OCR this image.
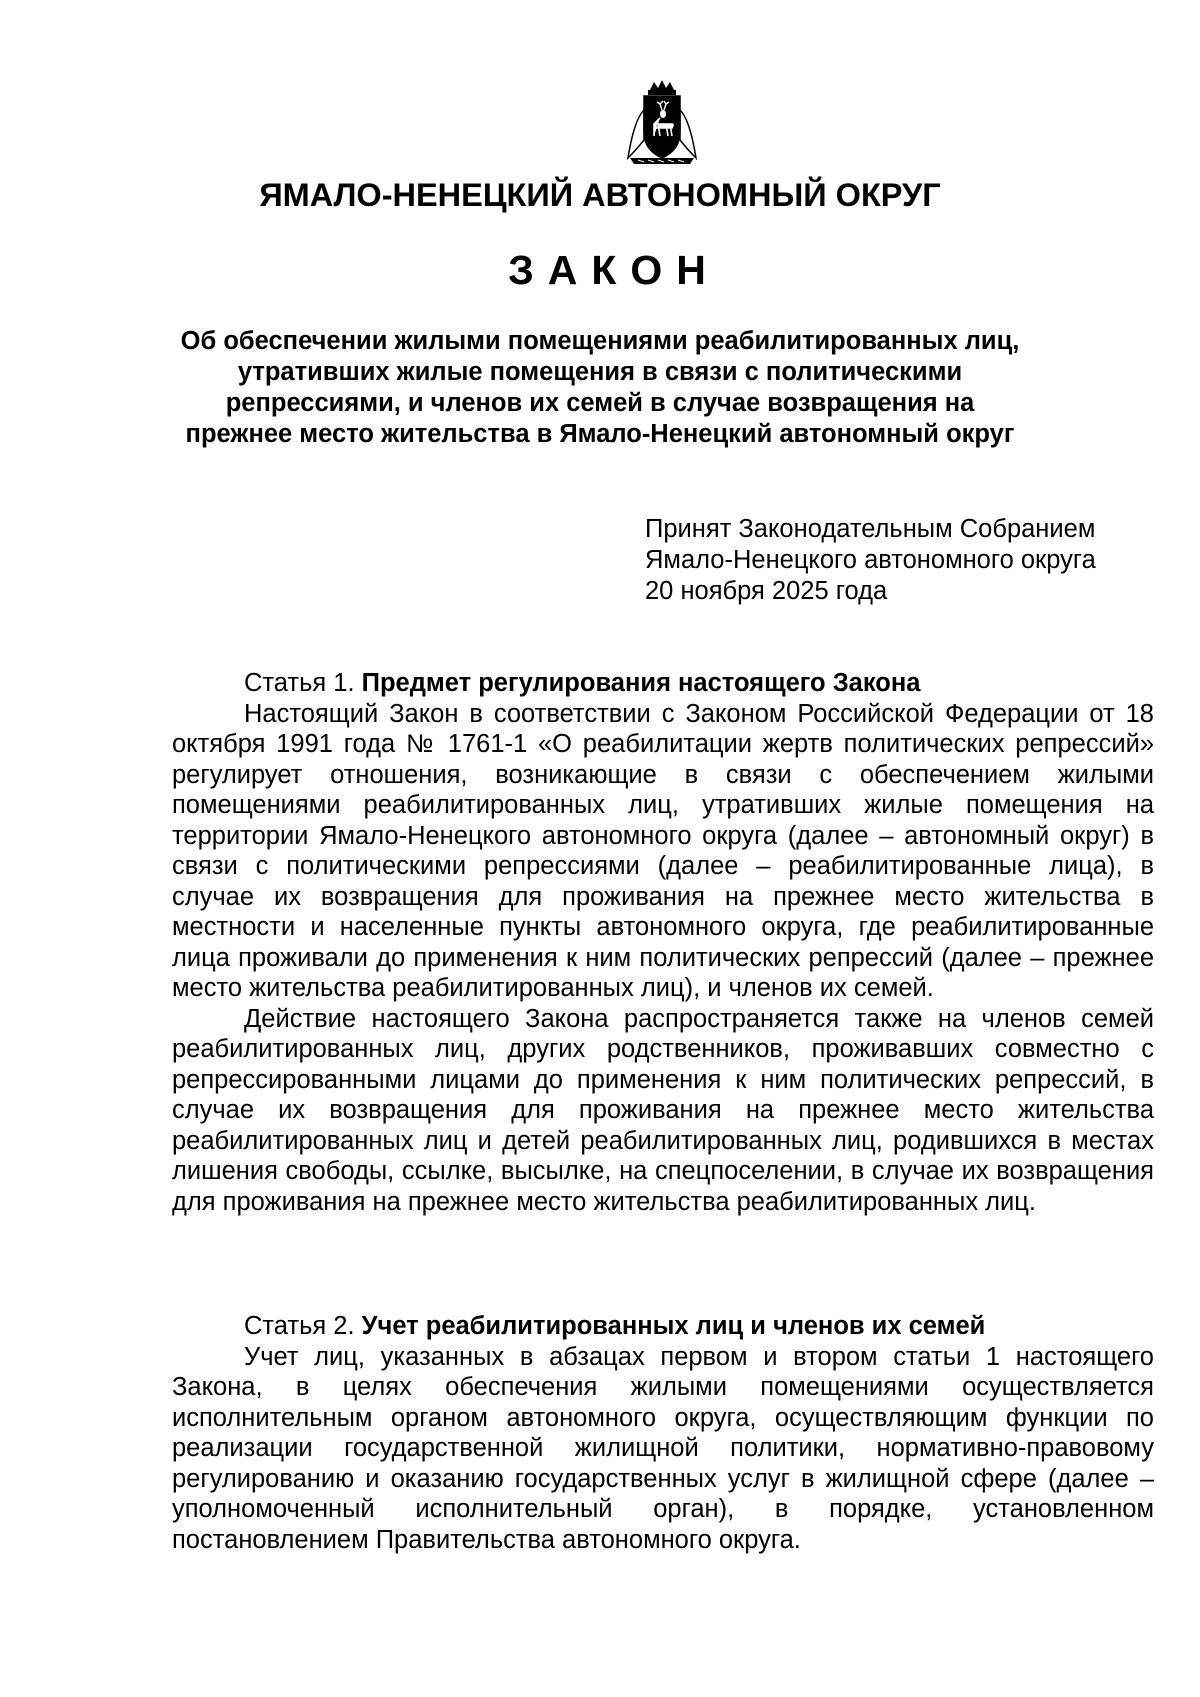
ЯМАЛО-НЕНЕЦКИЙ АВТОНОМНЫЙ ОКРУГ
ЗАКОН
Об обеспечении жилыми помещениями реабилитированных лиц, утративших жилые помещения в связи с политическими репрессиями, и членов их семей в случае возвращения на прежнее место жительства в Ямало-Ненецкий автономный округ
Принят Законодательным Собранием
Ямало-Ненецкого автономного округа
20 ноября 2025 года
Статья 1. Предмет регулирования настоящего Закона

Настоящий Закон в соответствии с Законом Российской Федерации от 18 октября 1991 года № 1761-1 «О реабилитации жертв политических репрессий» регулирует отношения, возникающие в связи с обеспечением жилыми помещениями реабилитированных лиц, утративших жилые помещения на территории Ямало-Ненецкого автономного округа (далее – автономный округ) в связи с политическими репрессиями (далее – реабилитированные лица), в случае их возвращения для проживания на прежнее место жительства в местности и населенные пункты автономного округа, где реабилитированные лица проживали до применения к ним политических репрессий (далее – прежнее место жительства реабилитированных лиц), и членов их семей.

Действие настоящего Закона распространяется также на членов семей реабилитированных лиц, других родственников, проживавших совместно с репрессированными лицами до применения к ним политических репрессий, в случае их возвращения для проживания на прежнее место жительства реабилитированных лиц и детей реабилитированных лиц, родившихся в местах лишения свободы, ссылке, высылке, на спецпоселении, в случае их возвращения для проживания на прежнее место жительства реабилитированных лиц.

Статья 2. Учет реабилитированных лиц и членов их семей

Учет лиц, указанных в абзацах первом и втором статьи 1 настоящего Закона, в целях обеспечения жилыми помещениями осуществляется исполнительным органом автономного округа, осуществляющим функции по реализации государственной жилищной политики, нормативно-правовому регулированию и оказанию государственных услуг в жилищной сфере (далее – уполномоченный исполнительный орган), в порядке, установленном постановлением Правительства автономного округа.
